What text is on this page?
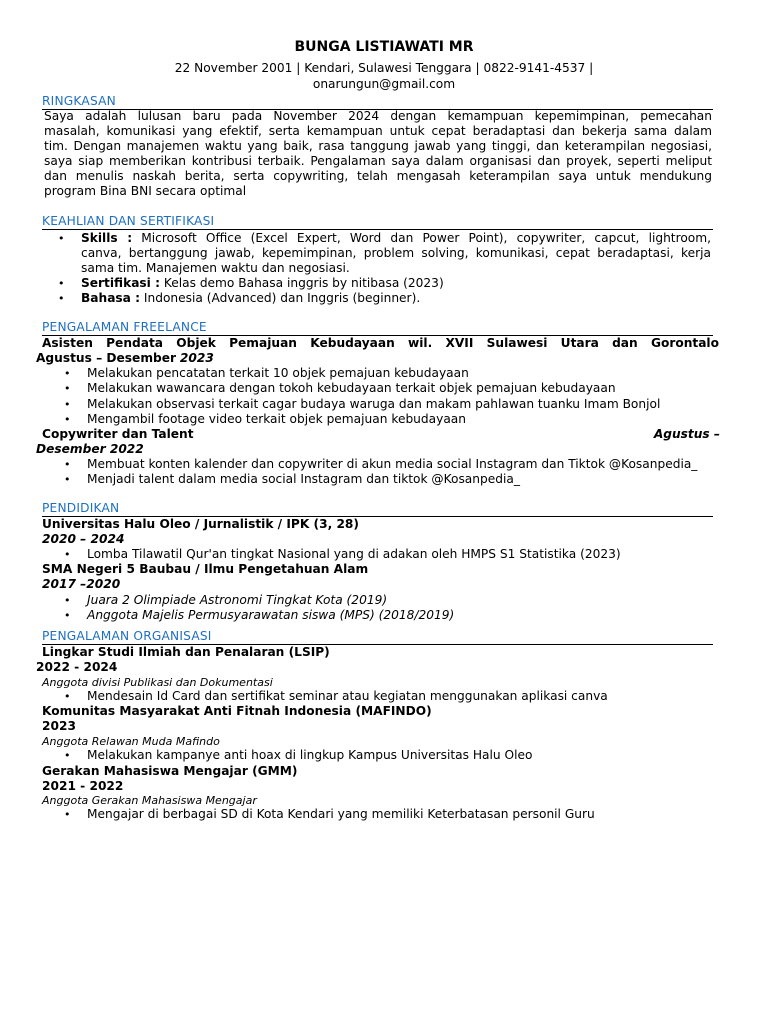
BUNGA LISTIAWATI MR
22 November 2001 | Kendari, Sulawesi Tenggara | 0822-9141-4537 |
onarungun@gmail.com
RINGKASAN
Saya adalah lulusan baru pada November 2024 dengan kemampuan kepemimpinan, pemecahan
masalah, komunikasi yang efektif, serta kemampuan untuk cepat beradaptasi dan bekerja sama dalam
tim. Dengan manajemen waktu yang baik, rasa tanggung jawab yang tinggi, dan keterampilan negosiasi,
saya siap memberikan kontribusi terbaik. Pengalaman saya dalam organisasi dan proyek, seperti meliput
dan menulis naskah berita, serta copywriting, telah mengasah keterampilan saya untuk mendukung
program Bina BNI secara optimal
KEAHLIAN DAN SERTIFIKASI
• Skills : Microsoft Office (Excel Expert, Word dan Power Point), copywriter, capcut, lightroom,
canva, bertanggung jawab, kepemimpinan, problem solving, komunikasi, cepat beradaptasi, kerja
sama tim. Manajemen waktu dan negosiasi.
• Sertifikasi : Kelas demo Bahasa inggris by nitibasa (2023)
• Bahasa : Indonesia (Advanced) dan Inggris (beginner).
PENGALAMAN FREELANCE
Asisten Pendata Objek Pemajuan Kebudayaan wil. XVII Sulawesi Utara dan Gorontalo
Agustus – Desember 2023
• Melakukan pencatatan terkait 10 objek pemajuan kebudayaan
• Melakukan wawancara dengan tokoh kebudayaan terkait objek pemajuan kebudayaan
• Melakukan observasi terkait cagar budaya waruga dan makam pahlawan tuanku Imam Bonjol
• Mengambil footage video terkait objek pemajuan kebudayaan
Copywriter dan Talent	Agustus –
Desember 2022
• Membuat konten kalender dan copywriter di akun media social Instagram dan Tiktok @Kosanpedia_
• Menjadi talent dalam media social Instagram dan tiktok @Kosanpedia_
PENDIDIKAN
Universitas Halu Oleo / Jurnalistik / IPK (3, 28)
2020 – 2024
• Lomba Tilawatil Qur'an tingkat Nasional yang di adakan oleh HMPS S1 Statistika (2023)
SMA Negeri 5 Baubau / Ilmu Pengetahuan Alam
2017 –2020
• Juara 2 Olimpiade Astronomi Tingkat Kota (2019)
• Anggota Majelis Permusyarawatan siswa (MPS) (2018/2019)
PENGALAMAN ORGANISASI
Lingkar Studi Ilmiah dan Penalaran (LSIP)
2022 - 2024
Anggota divisi Publikasi dan Dokumentasi
• Mendesain Id Card dan sertifikat seminar atau kegiatan menggunakan aplikasi canva
Komunitas Masyarakat Anti Fitnah Indonesia (MAFINDO)
2023
Anggota Relawan Muda Mafindo
• Melakukan kampanye anti hoax di lingkup Kampus Universitas Halu Oleo
Gerakan Mahasiswa Mengajar (GMM)
2021 - 2022
Anggota Gerakan Mahasiswa Mengajar
• Mengajar di berbagai SD di Kota Kendari yang memiliki Keterbatasan personil Guru
